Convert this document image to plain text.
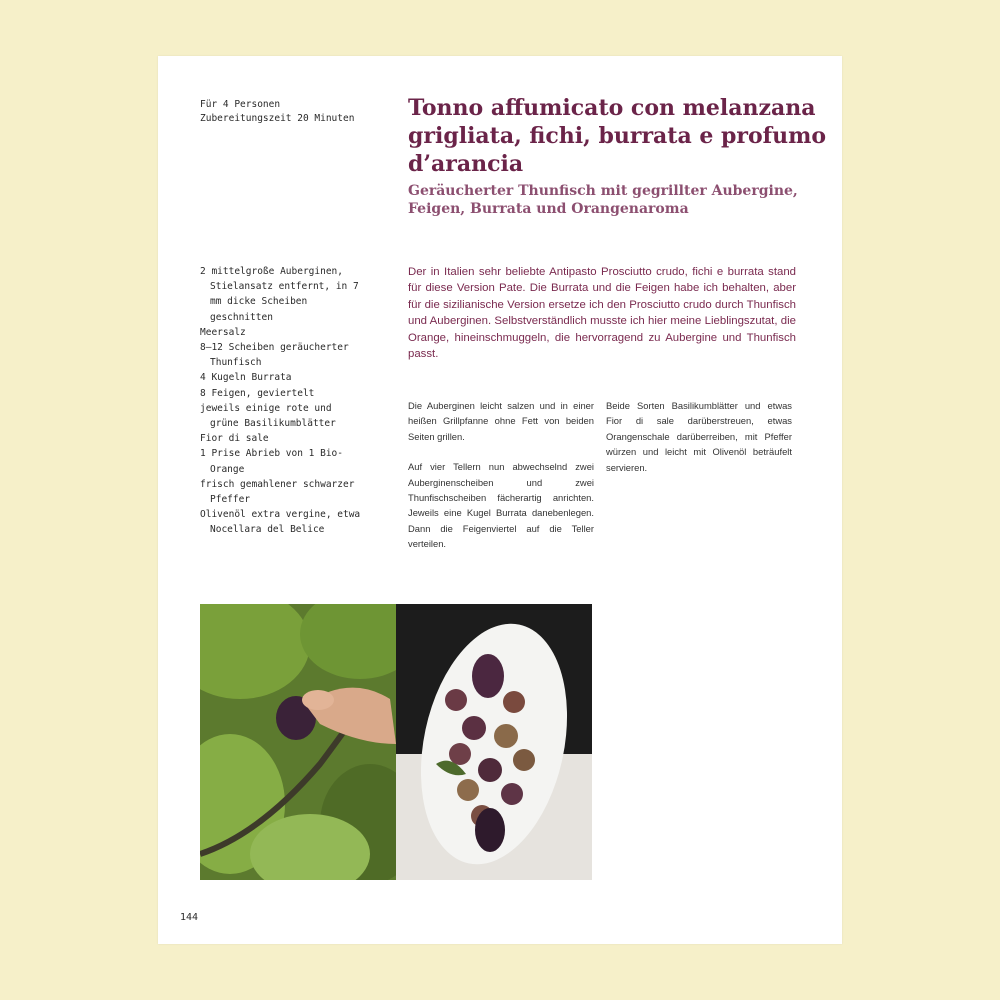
Für 4 Personen
Zubereitungszeit 20 Minuten Tonno affumicato con melanzana grigliata, fichi, burrata e profumo d’arancia
Geräucherter Thunfisch mit gegrillter Aubergine, Feigen, Burrata und Orangenaroma
2 mittelgroße Auberginen, Stielansatz entfernt, in 7 mm dicke Scheiben geschnitten
Meersalz
8–12 Scheiben geräucherter Thunfisch
4 Kugeln Burrata
8 Feigen, geviertelt
jeweils einige rote und grüne Basilikumblätter
Fior di sale
1 Prise Abrieb von 1 Bio-Orange
frisch gemahlener schwarzer Pfeffer
Olivenöl extra vergine, etwa Nocellara del Belice

Der in Italien sehr beliebte Antipasto Prosciutto crudo, fichi e burrata stand für diese Version Pate. Die Burrata und die Feigen habe ich behalten, aber für die sizilianische Version ersetze ich den Prosciutto crudo durch Thunfisch und Auberginen. Selbstverständlich musste ich hier meine Lieblingszutat, die Orange, hineinschmuggeln, die hervorragend zu Aubergine und Thunfisch passt.

Die Auberginen leicht salzen und in einer heißen Grillpfanne ohne Fett von beiden Seiten grillen.

Auf vier Tellern nun abwechselnd zwei Auberginenscheiben und zwei Thunfischscheiben fächerartig anrichten. Jeweils eine Kugel Burrata danebenlegen. Dann die Feigenviertel auf die Teller verteilen.

Beide Sorten Basilikumblätter und etwas Fior di sale darüberstreuen, etwas Orangenschale darüberreiben, mit Pfeffer würzen und leicht mit Olivenöl beträufelt servieren.

144
